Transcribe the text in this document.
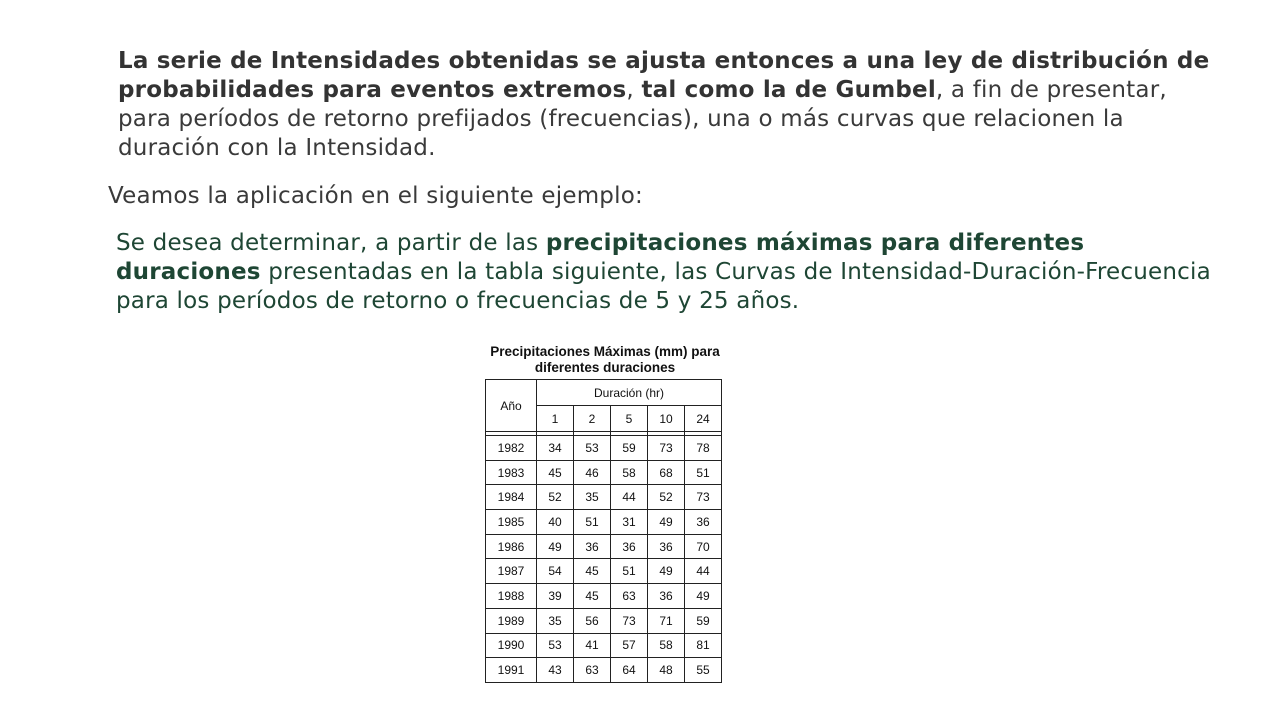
La serie de Intensidades obtenidas se ajusta entonces a una ley de distribución de probabilidades para eventos extremos, tal como la de Gumbel, a fin de presentar, para períodos de retorno prefijados (frecuencias), una o más curvas que relacionen la duración con la Intensidad.
Veamos la aplicación en el siguiente ejemplo:
Se desea determinar, a partir de las precipitaciones máximas para diferentes duraciones presentadas en la tabla siguiente, las Curvas de Intensidad-Duración-Frecuencia para los períodos de retorno o frecuencias de 5 y 25 años.
Precipitaciones Máximas (mm) para
diferentes duraciones
Año	Duración (hr)				
	1	2	5	10	24

1982	34	53	59	73	78
1983	45	46	58	68	51
1984	52	35	44	52	73
1985	40	51	31	49	36
1986	49	36	36	36	70
1987	54	45	51	49	44
1988	39	45	63	36	49
1989	35	56	73	71	59
1990	53	41	57	58	81
1991	43	63	64	48	55
